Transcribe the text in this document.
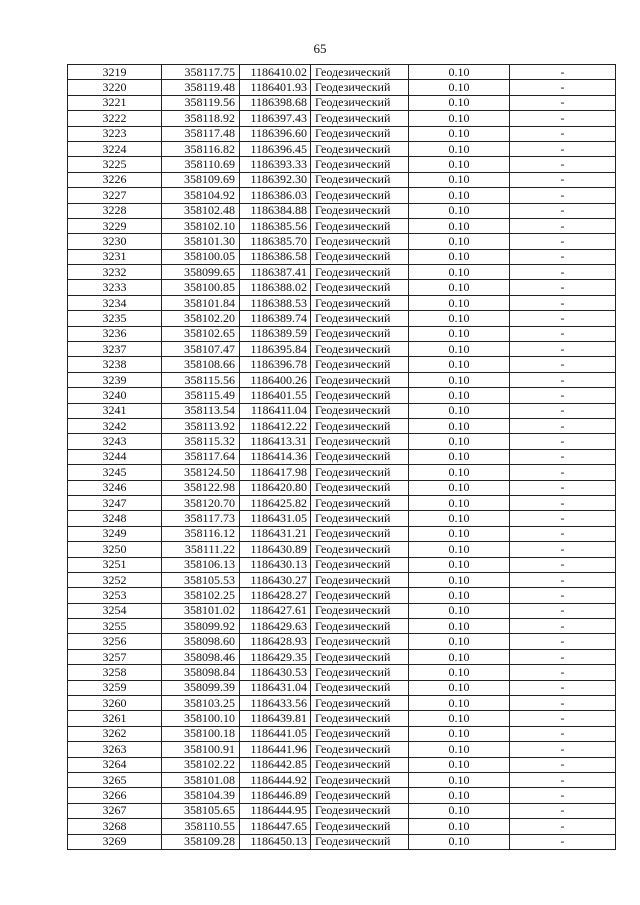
65
3219	358117.75	1186410.02	Геодезический	0.10	-
3220	358119.48	1186401.93	Геодезический	0.10	-
3221	358119.56	1186398.68	Геодезический	0.10	-
3222	358118.92	1186397.43	Геодезический	0.10	-
3223	358117.48	1186396.60	Геодезический	0.10	-
3224	358116.82	1186396.45	Геодезический	0.10	-
3225	358110.69	1186393.33	Геодезический	0.10	-
3226	358109.69	1186392.30	Геодезический	0.10	-
3227	358104.92	1186386.03	Геодезический	0.10	-
3228	358102.48	1186384.88	Геодезический	0.10	-
3229	358102.10	1186385.56	Геодезический	0.10	-
3230	358101.30	1186385.70	Геодезический	0.10	-
3231	358100.05	1186386.58	Геодезический	0.10	-
3232	358099.65	1186387.41	Геодезический	0.10	-
3233	358100.85	1186388.02	Геодезический	0.10	-
3234	358101.84	1186388.53	Геодезический	0.10	-
3235	358102.20	1186389.74	Геодезический	0.10	-
3236	358102.65	1186389.59	Геодезический	0.10	-
3237	358107.47	1186395.84	Геодезический	0.10	-
3238	358108.66	1186396.78	Геодезический	0.10	-
3239	358115.56	1186400.26	Геодезический	0.10	-
3240	358115.49	1186401.55	Геодезический	0.10	-
3241	358113.54	1186411.04	Геодезический	0.10	-
3242	358113.92	1186412.22	Геодезический	0.10	-
3243	358115.32	1186413.31	Геодезический	0.10	-
3244	358117.64	1186414.36	Геодезический	0.10	-
3245	358124.50	1186417.98	Геодезический	0.10	-
3246	358122.98	1186420.80	Геодезический	0.10	-
3247	358120.70	1186425.82	Геодезический	0.10	-
3248	358117.73	1186431.05	Геодезический	0.10	-
3249	358116.12	1186431.21	Геодезический	0.10	-
3250	358111.22	1186430.89	Геодезический	0.10	-
3251	358106.13	1186430.13	Геодезический	0.10	-
3252	358105.53	1186430.27	Геодезический	0.10	-
3253	358102.25	1186428.27	Геодезический	0.10	-
3254	358101.02	1186427.61	Геодезический	0.10	-
3255	358099.92	1186429.63	Геодезический	0.10	-
3256	358098.60	1186428.93	Геодезический	0.10	-
3257	358098.46	1186429.35	Геодезический	0.10	-
3258	358098.84	1186430.53	Геодезический	0.10	-
3259	358099.39	1186431.04	Геодезический	0.10	-
3260	358103.25	1186433.56	Геодезический	0.10	-
3261	358100.10	1186439.81	Геодезический	0.10	-
3262	358100.18	1186441.05	Геодезический	0.10	-
3263	358100.91	1186441.96	Геодезический	0.10	-
3264	358102.22	1186442.85	Геодезический	0.10	-
3265	358101.08	1186444.92	Геодезический	0.10	-
3266	358104.39	1186446.89	Геодезический	0.10	-
3267	358105.65	1186444.95	Геодезический	0.10	-
3268	358110.55	1186447.65	Геодезический	0.10	-
3269	358109.28	1186450.13	Геодезический	0.10	-
